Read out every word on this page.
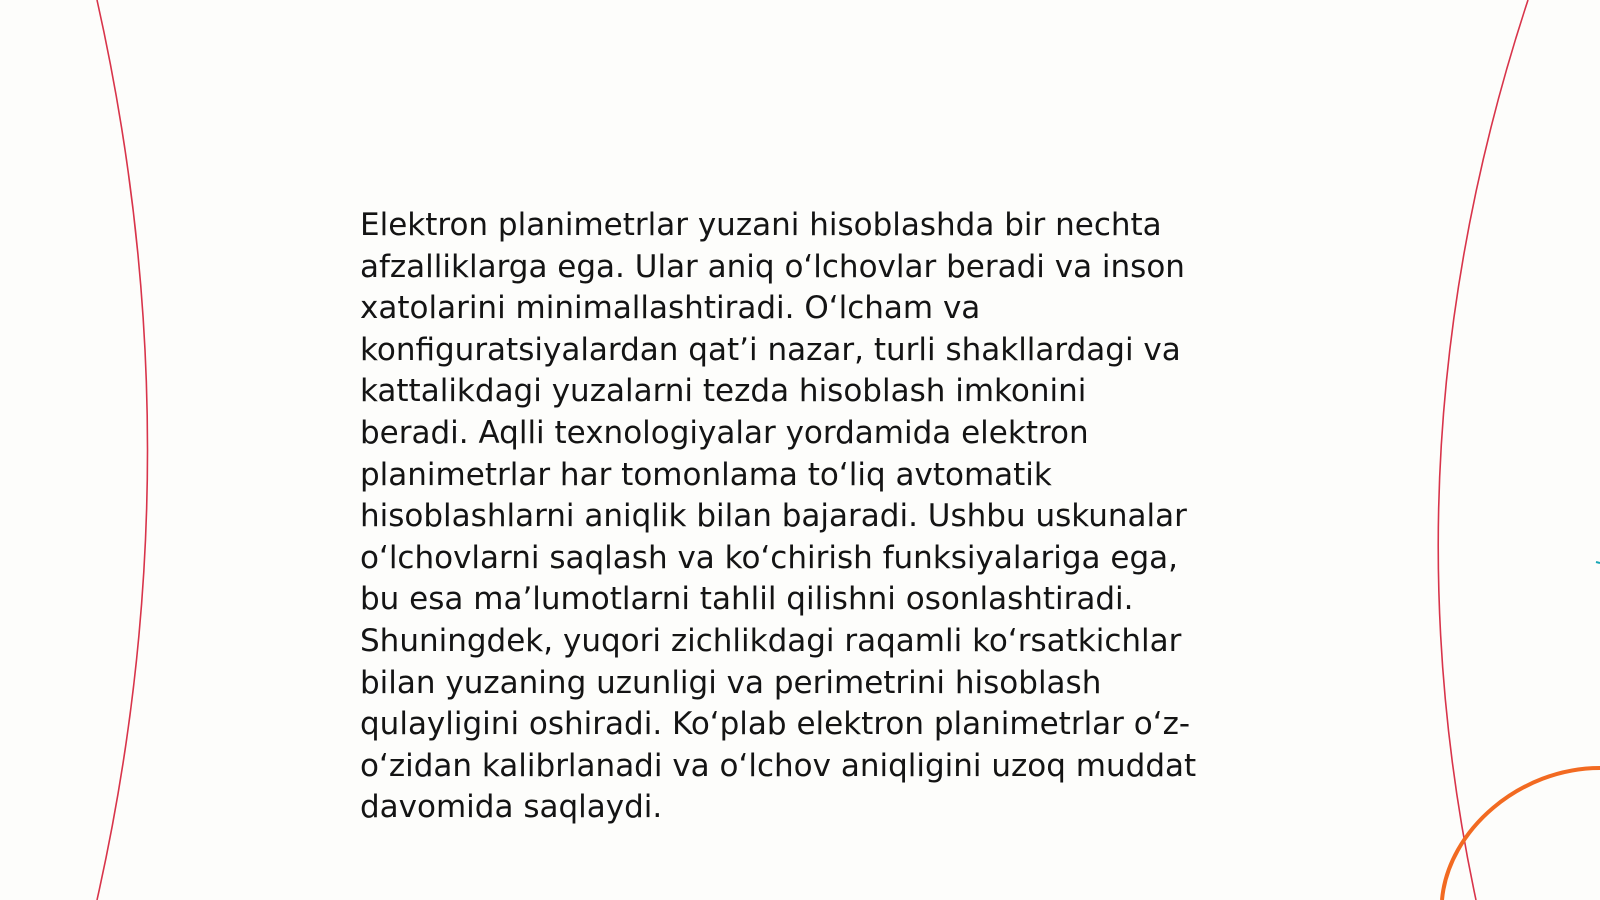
Elektron planimetrlar yuzani hisoblashda bir nechta
afzalliklarga ega. Ular aniq o‘lchovlar beradi va inson
xatolarini minimallashtiradi. O‘lcham va
konfiguratsiyalardan qat’i nazar, turli shakllardagi va
kattalikdagi yuzalarni tezda hisoblash imkonini
beradi. Aqlli texnologiyalar yordamida elektron
planimetrlar har tomonlama to‘liq avtomatik
hisoblashlarni aniqlik bilan bajaradi. Ushbu uskunalar
o‘lchovlarni saqlash va ko‘chirish funksiyalariga ega,
bu esa ma’lumotlarni tahlil qilishni osonlashtiradi.
Shuningdek, yuqori zichlikdagi raqamli ko‘rsatkichlar
bilan yuzaning uzunligi va perimetrini hisoblash
qulayligini oshiradi. Ko‘plab elektron planimetrlar o‘z-
o‘zidan kalibrlanadi va o‘lchov aniqligini uzoq muddat
davomida saqlaydi.
